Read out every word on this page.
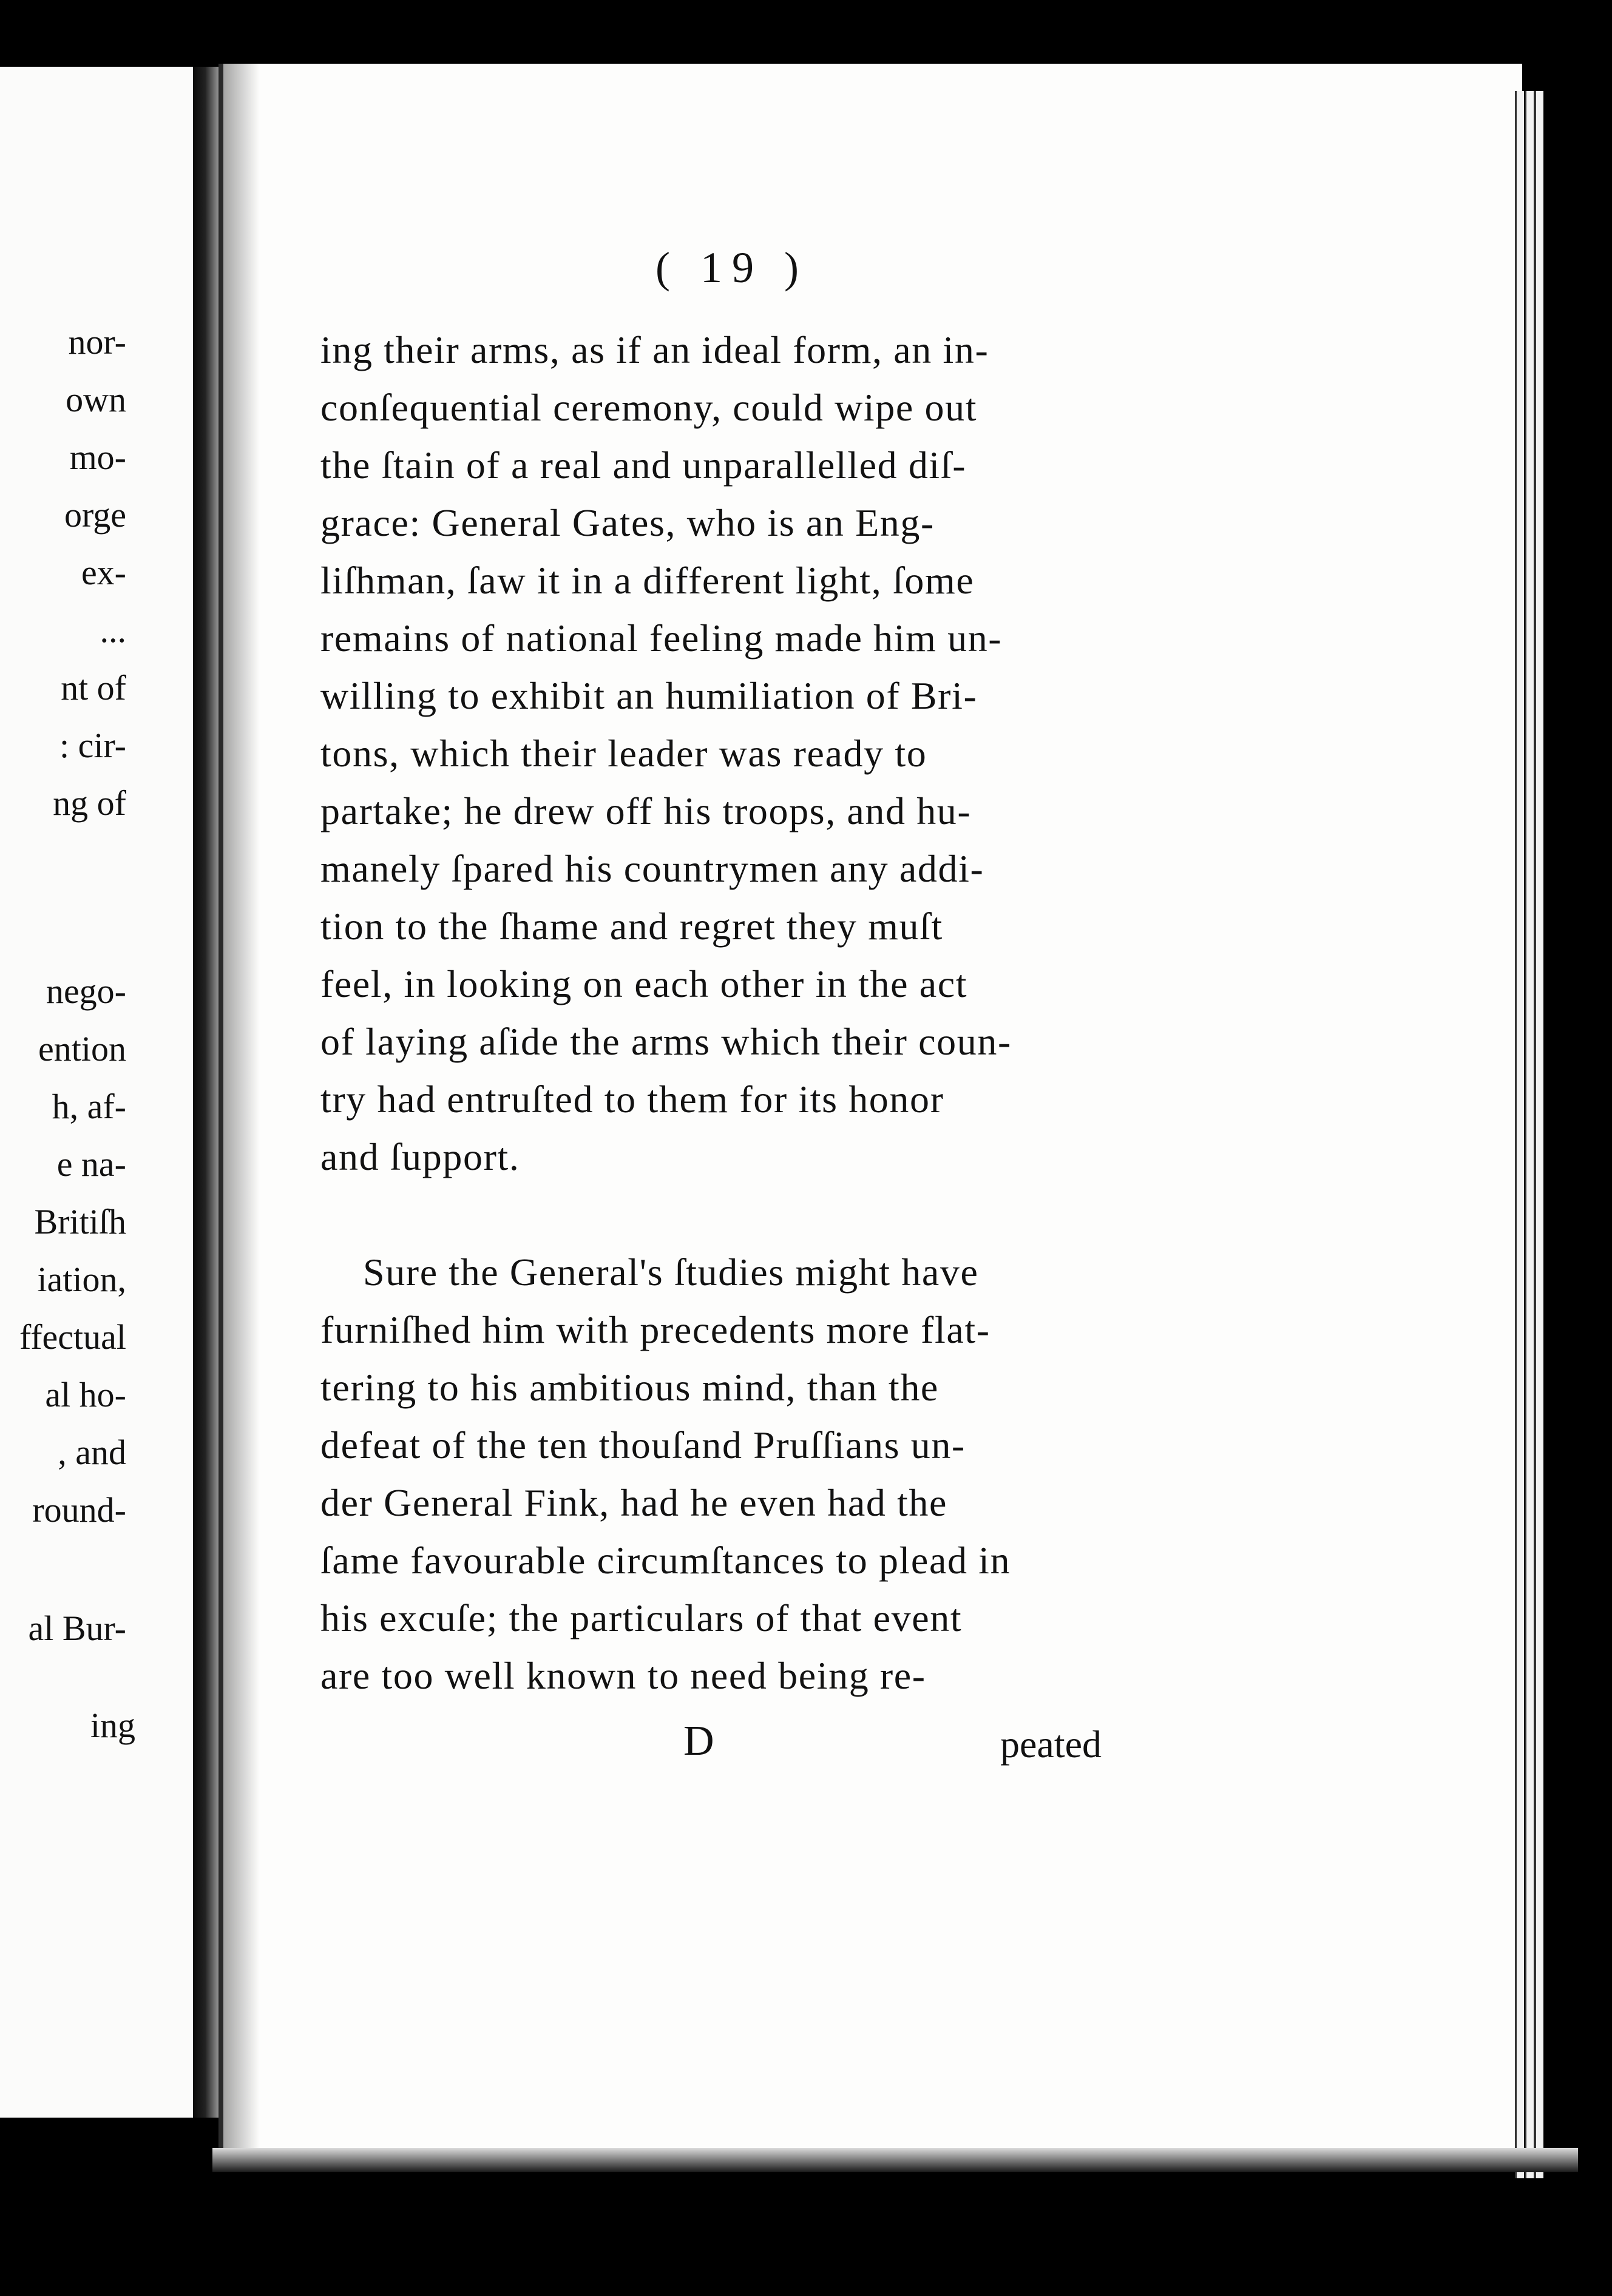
nor-
own
mo-
orge
ex-
...
nt of
: cir-
ng of
nego-
ention
h, af-
e na-
Britiſh
iation,
ffectual
al ho-
, and
round-
al Bur-
ing
( 19 )
ing their arms, as if an ideal form, an in-
conſequential ceremony, could wipe out
the ſtain of a real and unparallelled diſ-
grace: General Gates, who is an Eng-
liſhman, ſaw it in a different light, ſome
remains of national feeling made him un-
willing to exhibit an humiliation of Bri-
tons, which their leader was ready to
partake; he drew off his troops, and hu-
manely ſpared his countrymen any addi-
tion to the ſhame and regret they muſt
feel, in looking on each other in the act
of laying aſide the arms which their coun-
try had entruſted to them for its honor
and ſupport.
Sure the General's ſtudies might have
furniſhed him with precedents more flat-
tering to his ambitious mind, than the
defeat of the ten thouſand Pruſſians un-
der General Fink, had he even had the
ſame favourable circumſtances to plead in
his excuſe; the particulars of that event
are too well known to need being re-
D	peated
